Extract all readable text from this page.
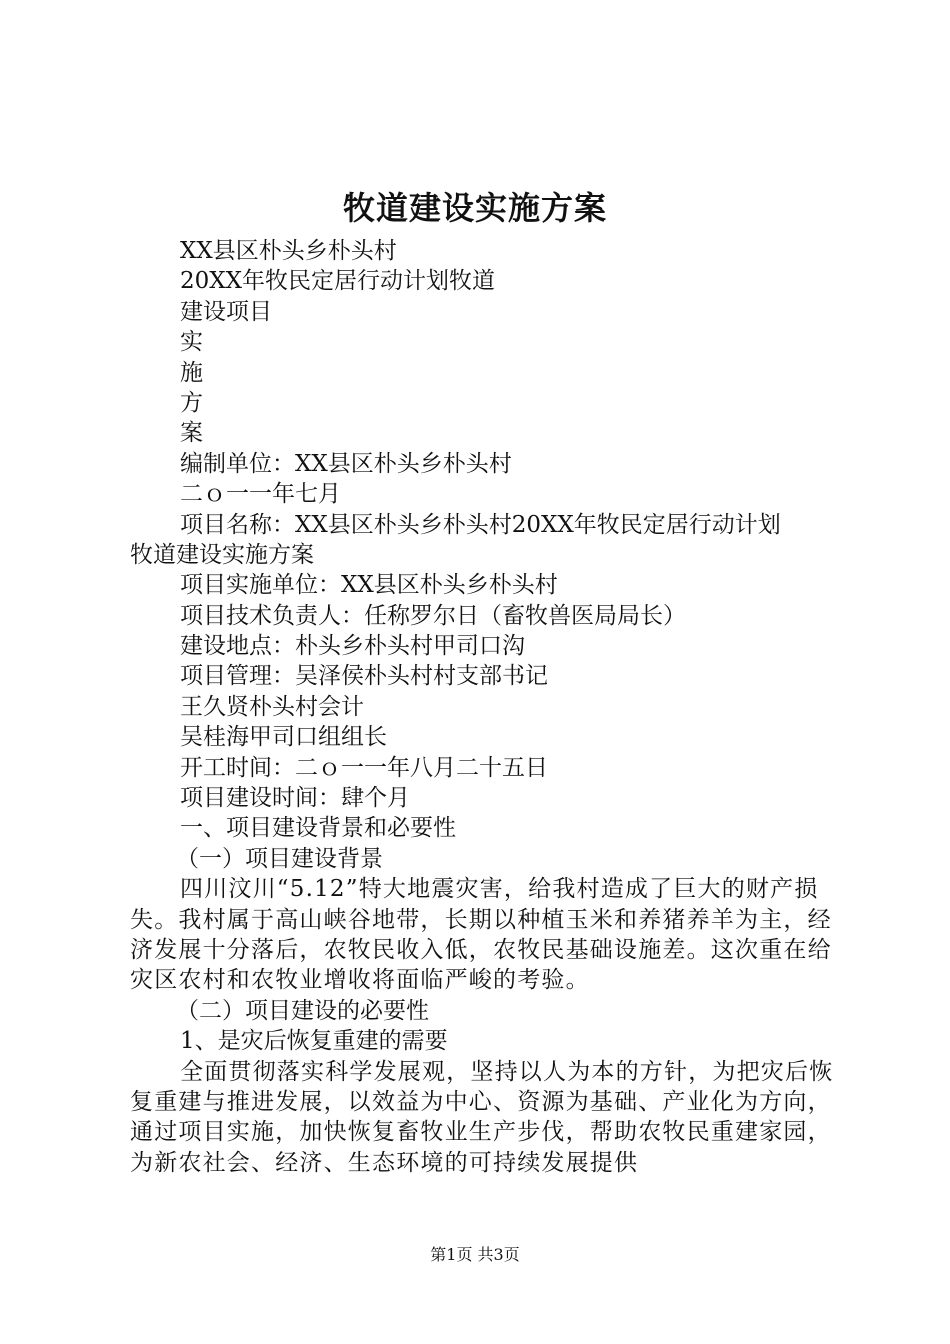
牧道建设实施方案
XX县区朴头乡朴头村
20XX年牧民定居行动计划牧道
建设项目
实
施
方
案
编制单位：XX县区朴头乡朴头村
二ｏ一一年七月
项目名称：XX县区朴头乡朴头村20XX年牧民定居行动计划
牧道建设实施方案
项目实施单位：XX县区朴头乡朴头村
项目技术负责人：任称罗尔日（畜牧兽医局局长）
建设地点：朴头乡朴头村甲司口沟
项目管理：吴泽侯朴头村村支部书记
王久贤朴头村会计
吴桂海甲司口组组长
开工时间：二ｏ一一年八月二十五日
项目建设时间：肆个月
一、项目建设背景和必要性
（一）项目建设背景
四川汶川“5.12”特大地震灾害，给我村造成了巨大的财产损失。我村属于高山峡谷地带，长期以种植玉米和养猪养羊为主，经济发展十分落后，农牧民收入低，农牧民基础设施差。这次重在给灾区农村和农牧业增收将面临严峻的考验。
（二）项目建设的必要性
1、是灾后恢复重建的需要
全面贯彻落实科学发展观，坚持以人为本的方针，为把灾后恢复重建与推进发展，以效益为中心、资源为基础、产业化为方向，通过项目实施，加快恢复畜牧业生产步伐，帮助农牧民重建家园，为新农社会、经济、生态环境的可持续发展提供
第1页 共3页
